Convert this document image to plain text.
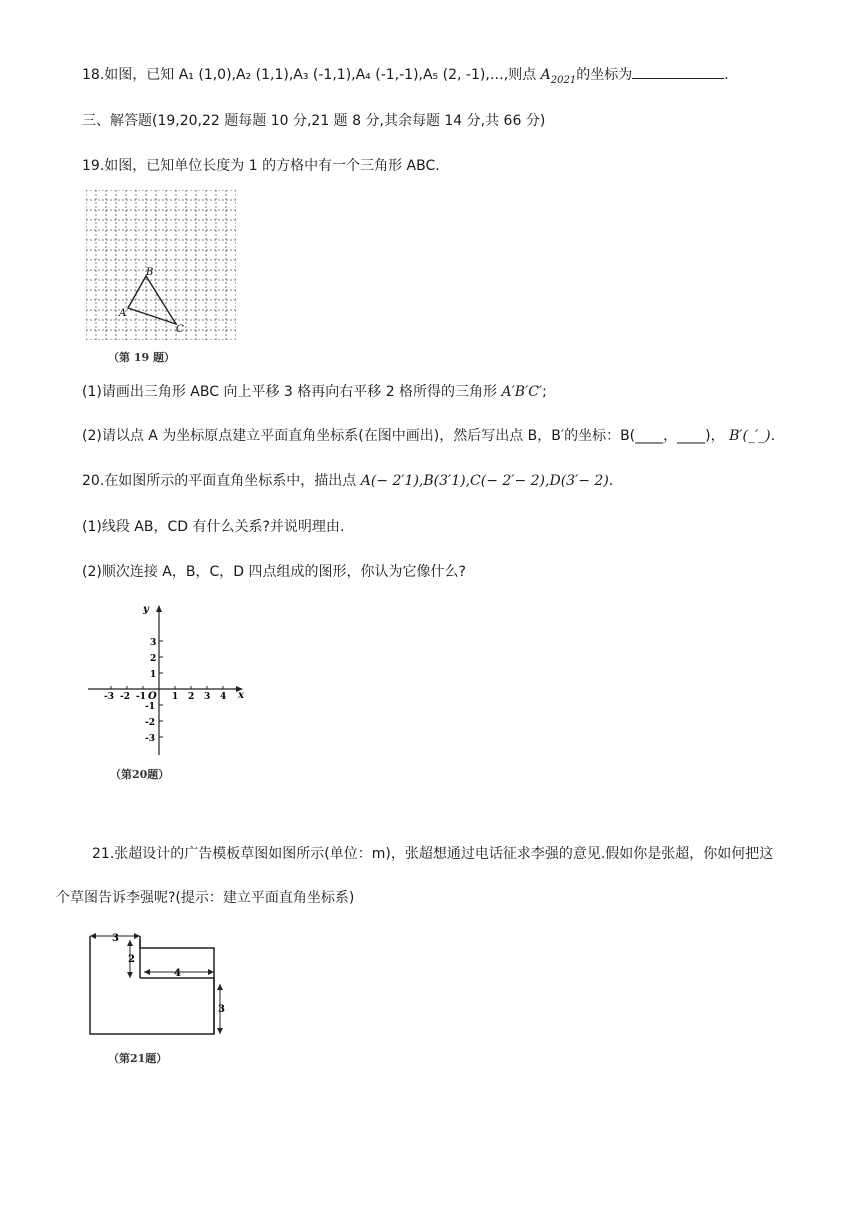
18.如图，已知 A₁ (1,0),A₂ (1,1),A₃ (-1,1),A₄ (-1,-1),A₅ (2, -1),…,则点 $A_{2021}$的坐标为	.
三、解答题(19,20,22 题每题 10 分,21 题 8 分,其余每题 14 分,共 66 分)
19.如图，已知单位长度为 1 的方格中有一个三角形 ABC.
B
A
C
（第 19 题）
(1)请画出三角形 ABC 向上平移 3 格再向右平移 2 格所得的三角形 A′B′C′;
(2)请以点 A 为坐标原点建立平面直角坐标系(在图中画出)，然后写出点 B，B′的坐标：B(____，____)， B′(_′_).
20.在如图所示的平面直角坐标系中，描出点 A(− 2′1),B(3′1),C(− 2′− 2),D(3′− 2).
(1)线段 AB，CD 有什么关系?并说明理由.
(2)顺次连接 A，B，C，D 四点组成的图形，你认为它像什么?
y
x
O
-3 -2 -1	1 2 3 4
3
2
1
-1
-2
-3
（第20题）
21.张超设计的广告模板草图如图所示(单位：m)，张超想通过电话征求李强的意见.假如你是张超，你如何把这
个草图告诉李强呢?(提示：建立平面直角坐标系)
3
2
4
3
（第21题）
